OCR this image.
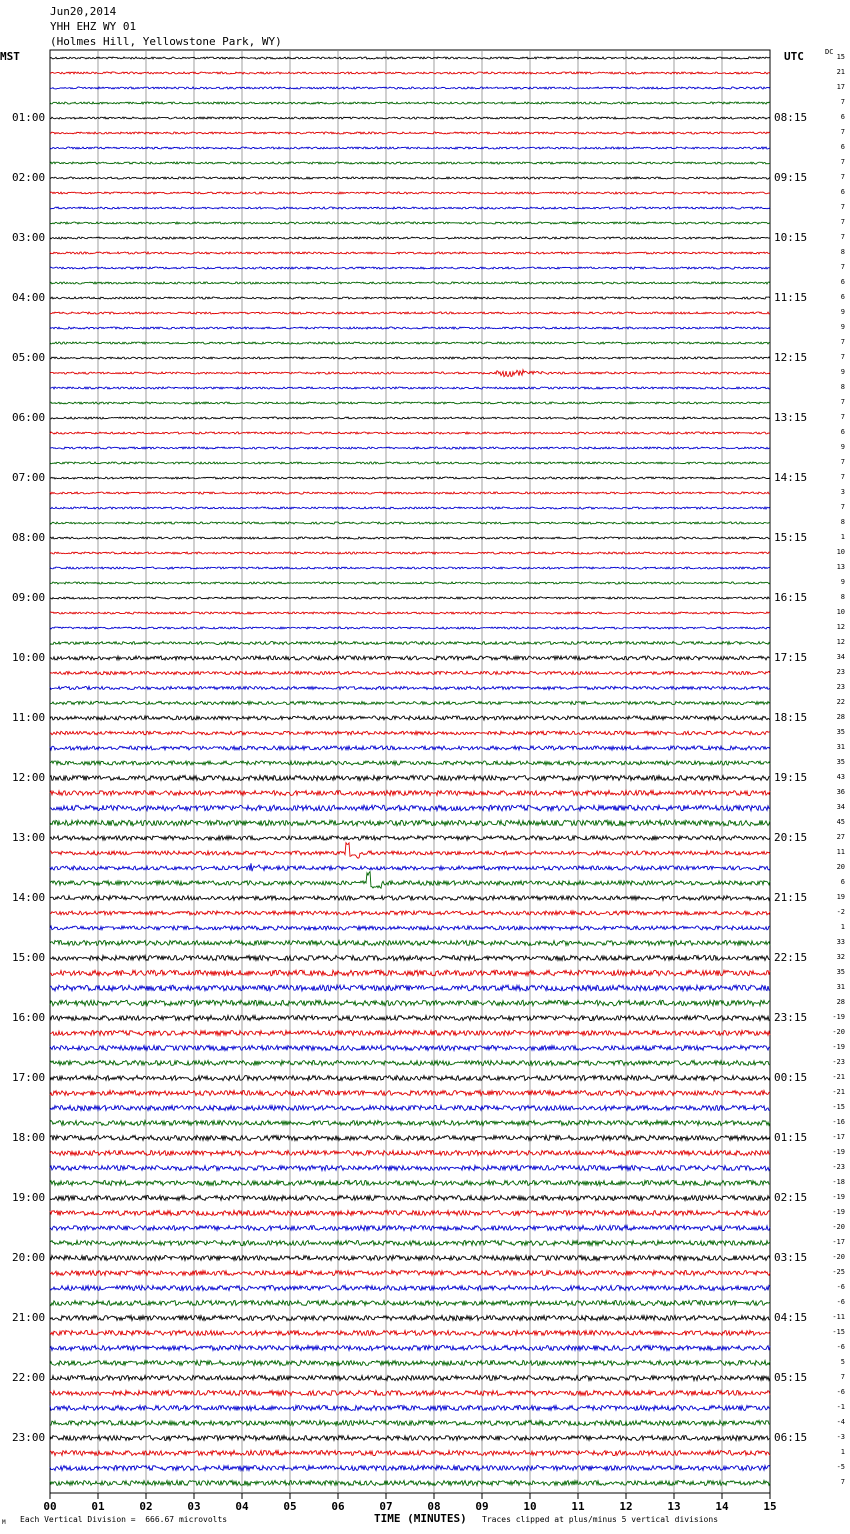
Jun20,2014
YHH EHZ WY 01
(Holmes Hill, Yellowstone Park, WY)
MST	UTC	DC
01:00
02:00
03:00
04:00
05:00
06:00
07:00
08:00
09:00
10:00
11:00
12:00
13:00
14:00
15:00
16:00
17:00
18:00
19:00
20:00
21:00
22:00
23:00
08:15
09:15
10:15
11:15
12:15
13:15
14:15
15:15
16:15
17:15
18:15
19:15
20:15
21:15
22:15
23:15
00:15
01:15
02:15
03:15
04:15
05:15
06:15
15
21
17
7
6
7
6
7
7
6
7
7
7
8
7
6
6
9
9
7
7
9
8
7
7
6
9
7
7
3
7
8
1
10
13
9
8
10
12
12
34
23
23
22
28
35
31
35
43
36
34
45
27
11
20
6
19
-2
1
33
32
35
31
28
-19
-20
-19
-23
-21
-21
-15
-16
-17
-19
-23
-18
-19
-19
-20
-17
-20
-25
-6
-6
-11
-15
-6
5
7
-6
-1
-4
-3
1
-5
7
00	01	02	03	04	05	06	07	08	09	10	11	12	13	14	15
TIME (MINUTES)
M Each Vertical Division =  666.67 microvolts	Traces clipped at plus/minus 5 vertical divisions
